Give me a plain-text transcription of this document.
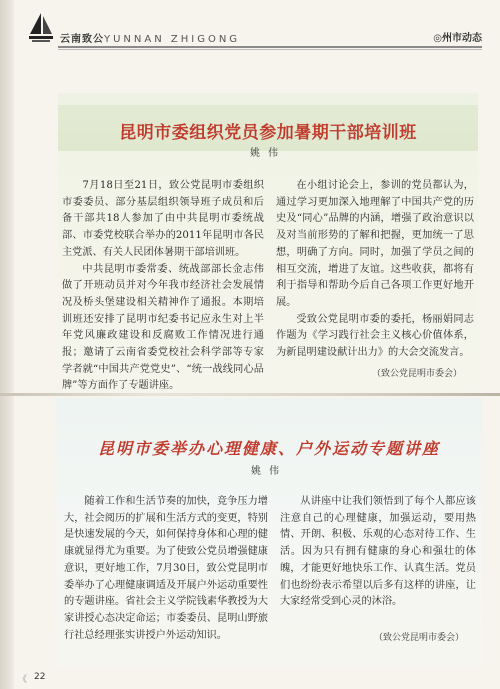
云南致公YUNNAN ZHIGONG	◎州市动态
昆明市委组织党员参加暑期干部培训班
姚伟

7月18日至21日，致公党昆明市委组织市委委员、部分基层组织领导班子成员和后备干部共18人参加了由中共昆明市委统战部、市委党校联合举办的2011年昆明市各民主党派、有关人民团体暑期干部培训班。

中共昆明市委常委、统战部部长金志伟做了开班动员并对今年我市经济社会发展情况及桥头堡建设相关精神作了通报。本期培训班还安排了昆明市纪委书记应永生对上半年党风廉政建设和反腐败工作情况进行通报；邀请了云南省委党校社会科学部等专家学者就“中国共产党党史”、“统一战线同心品牌”等方面作了专题讲座。

在小组讨论会上，参训的党员都认为，通过学习更加深入地理解了中国共产党的历史及“同心”品牌的内涵，增强了政治意识以及对当前形势的了解和把握，更加统一了思想，明确了方向。同时，加强了学员之间的相互交流，增进了友谊。这些收获，都将有利于指导和帮助今后自己各项工作更好地开展。

受致公党昆明市委的委托，杨丽娟同志作题为《学习践行社会主义核心价值体系，为新昆明建设献计出力》的大会交流发言。

（致公党昆明市委会）
昆明市委举办心理健康、户外运动专题讲座
姚伟

随着工作和生活节奏的加快，竞争压力增大，社会阅历的扩展和生活方式的变更，特别是快速发展的今天，如何保持身体和心理的健康就显得尤为重要。为了使致公党员增强健康意识，更好地工作，7月30日，致公党昆明市委举办了心理健康调适及开展户外运动重要性的专题讲座。省社会主义学院钱素华教授为大家讲授心态决定命运；市委委员、昆明山野旅行社总经理张实讲授户外运动知识。

从讲座中让我们领悟到了每个人都应该注意自己的心理健康，加强运动，要用热情、开朗、积极、乐观的心态对待工作、生活。因为只有拥有健康的身心和强壮的体魄，才能更好地快乐工作、认真生活。党员们也纷纷表示希望以后多有这样的讲座，让大家经常受到心灵的沐浴。

（致公党昆明市委会）
《 22
